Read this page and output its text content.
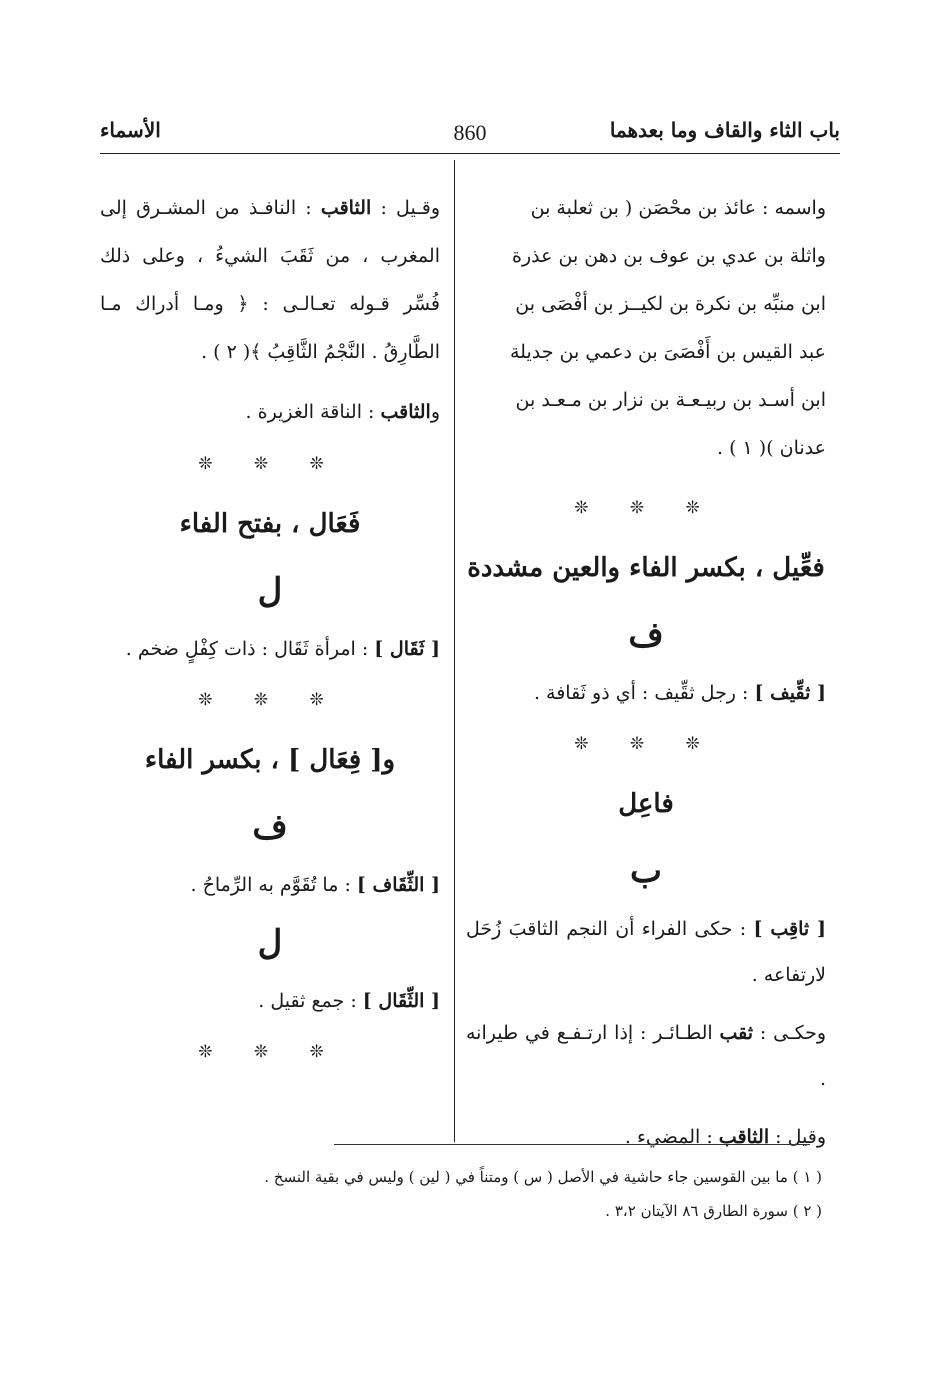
باب الثاء والقاف وما بعدهما
860
الأسماء
واسمه : عائذ بن محْصَن ( بن ثعلبة بن
واثلة بن عدي بن عوف بن دهن بن عذرة
ابن منبِّه بن نكرة بن لكيــز بن أفْصَى بن
عبد القيس بن أَفْصَىَ بن دعمي بن جديلة
ابن أسـد بن ربيـعـة بن نزار بن مـعـد بن
عدنان )( ١ ) .
❊ ❊ ❊
فعِّيل ، بكسر الفاء والعين مشددة
ف

[ ثقِّيف ] : رجل ثقِّيف : أي ذو ثَقافة .

❊ ❊ ❊
فاعِل
ب

[ ثاقِب ] : حكى الفراء أن النجم الثاقبَ زُحَل لارتفاعه .

وحكـى : ثقب الطـائـر : إذا ارتـفـع في طيرانه .

وقيل : الثاقب : المضيء .

وقـيل : الثاقب : النافـذ من المشـرق إلى المغرب ، من ثَقَبَ الشيءُ ، وعلى ذلك فُسِّر قـوله تعـالـى : ﴿ ومـا أدراك مـا الطَّارِقُ . النَّجْمُ الثَّاقِبُ ﴾( ٢ ) .

والثاقب : الناقة الغزيرة .

❊ ❊ ❊
فَعَال ، بفتح الفاء
ل

[ ثَقَال ] : امرأة ثَقَال : ذات كِفْلٍ ضخم .

❊ ❊ ❊
و[ فِعَال ] ، بكسر الفاء
ف

[ الثِّقَاف ] : ما تُقَوَّم به الرِّماحُ .

ل

[ الثِّقَال ] : جمع ثقيل .

❊ ❊ ❊
( ١ ) ما بين القوسين جاء حاشية في الأصل ( س ) ومتناً في ( لين ) وليس في بقية النسخ .
( ٢ ) سورة الطارق ٨٦ الآيتان ٣،٢ .
